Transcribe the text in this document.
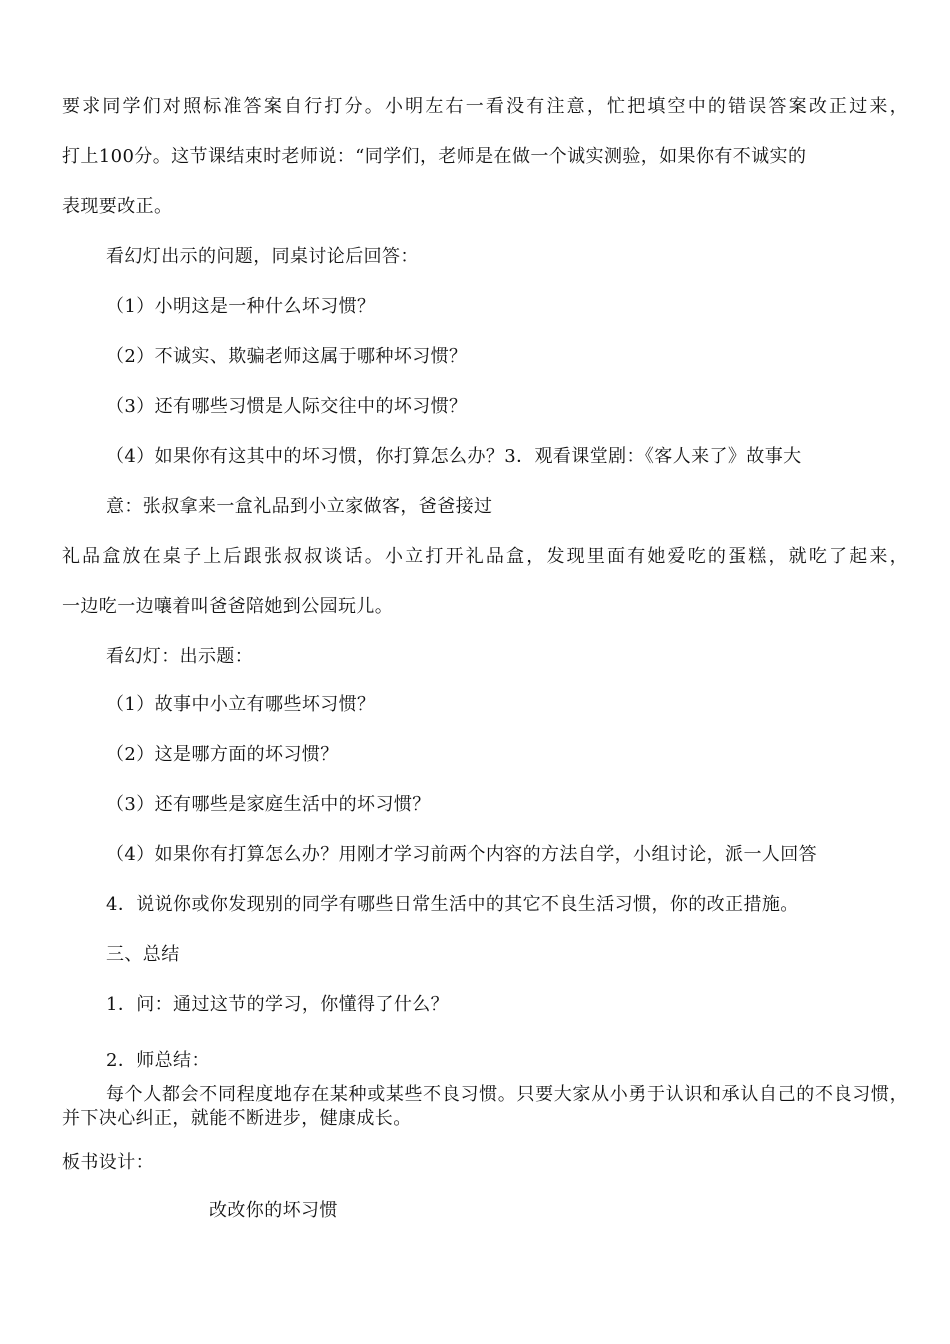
要求同学们对照标准答案自行打分。小明左右一看没有注意，忙把填空中的错误答案改正过来，
打上100分。这节课结束时老师说：“同学们，老师是在做一个诚实测验，如果你有不诚实的
表现要改正。
看幻灯出示的问题，同桌讨论后回答：
（1）小明这是一种什么坏习惯？
（2）不诚实、欺骗老师这属于哪种坏习惯？
（3）还有哪些习惯是人际交往中的坏习惯？
（4）如果你有这其中的坏习惯，你打算怎么办？3．观看课堂剧：《客人来了》故事大
意：张叔拿来一盒礼品到小立家做客，爸爸接过
礼品盒放在桌子上后跟张叔叔谈话。小立打开礼品盒，发现里面有她爱吃的蛋糕，就吃了起来，
一边吃一边嚷着叫爸爸陪她到公园玩儿。
看幻灯：出示题：
（1）故事中小立有哪些坏习惯？
（2）这是哪方面的坏习惯？
（3）还有哪些是家庭生活中的坏习惯？
（4）如果你有打算怎么办？用刚才学习前两个内容的方法自学，小组讨论，派一人回答
4．说说你或你发现别的同学有哪些日常生活中的其它不良生活习惯，你的改正措施。
三、总结
1．问：通过这节的学习，你懂得了什么？
2．师总结：
每个人都会不同程度地存在某种或某些不良习惯。只要大家从小勇于认识和承认自己的不良习惯，并下决心纠正，就能不断进步，健康成长。
板书设计：
改改你的坏习惯
